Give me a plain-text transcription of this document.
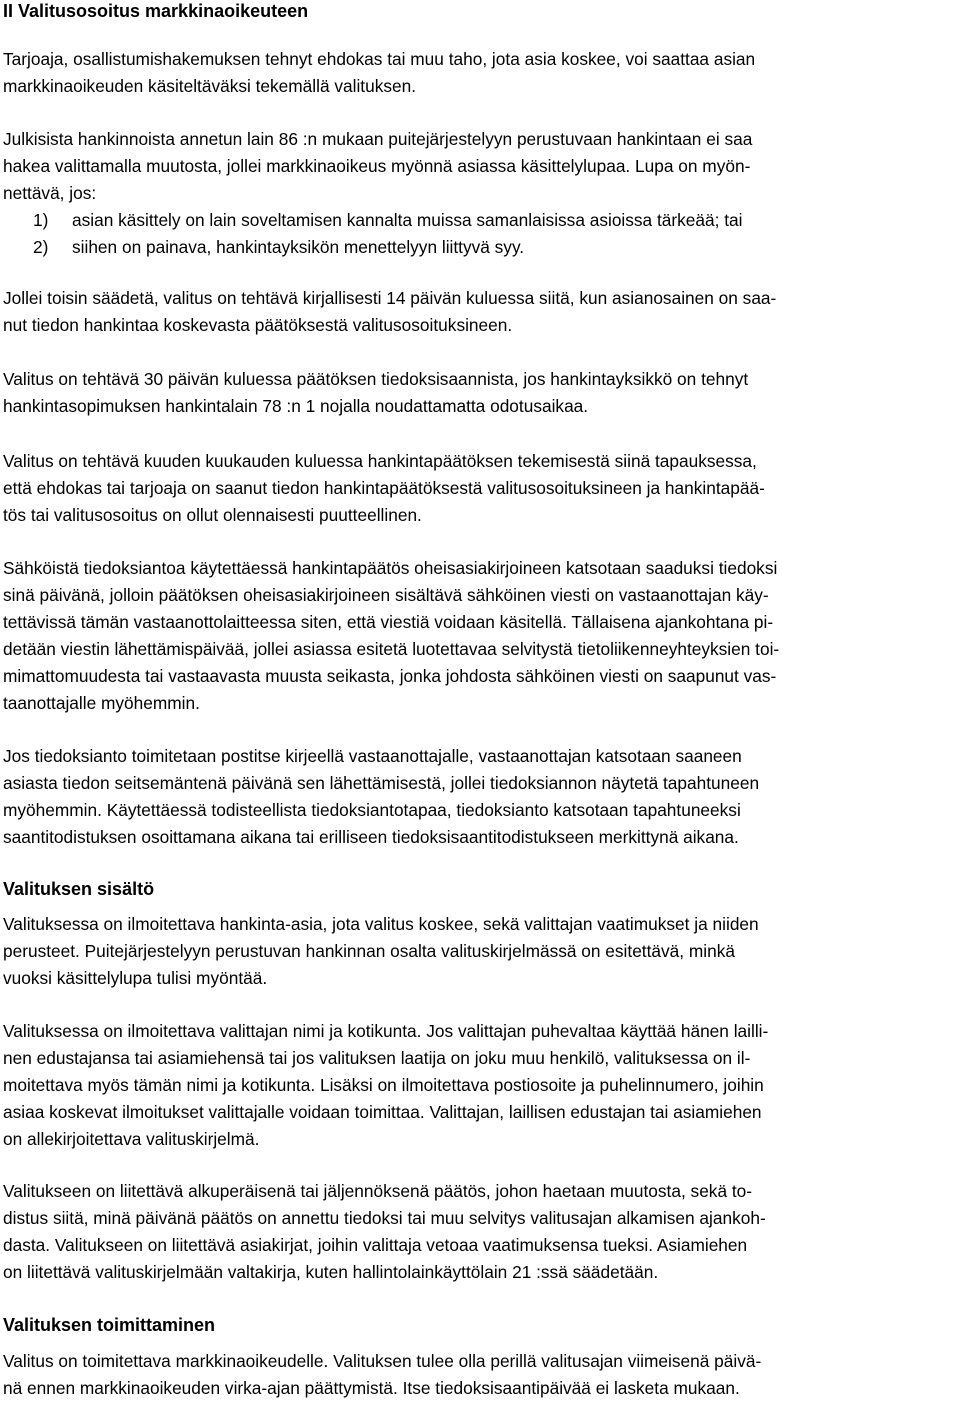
II Valitusosoitus markkinaoikeuteen
Tarjoaja, osallistumishakemuksen tehnyt ehdokas tai muu taho, jota asia koskee, voi saattaa asian
markkinaoikeuden käsiteltäväksi tekemällä valituksen.
Julkisista hankinnoista annetun lain 86 :n mukaan puitejärjestelyyn perustuvaan hankintaan ei saa
hakea valittamalla muutosta, jollei markkinaoikeus myönnä asiassa käsittelylupaa. Lupa on myön-
nettävä, jos:
1)	asian käsittely on lain soveltamisen kannalta muissa samanlaisissa asioissa tärkeää; tai
2)	siihen on painava, hankintayksikön menettelyyn liittyvä syy.
Jollei toisin säädetä, valitus on tehtävä kirjallisesti 14 päivän kuluessa siitä, kun asianosainen on saa-
nut tiedon hankintaa koskevasta päätöksestä valitusosoituksineen.
Valitus on tehtävä 30 päivän kuluessa päätöksen tiedoksisaannista, jos hankintayksikkö on tehnyt
hankintasopimuksen hankintalain 78 :n 1 nojalla noudattamatta odotusaikaa.
Valitus on tehtävä kuuden kuukauden kuluessa hankintapäätöksen tekemisestä siinä tapauksessa,
että ehdokas tai tarjoaja on saanut tiedon hankintapäätöksestä valitusosoituksineen ja hankintapää-
tös tai valitusosoitus on ollut olennaisesti puutteellinen.
Sähköistä tiedoksiantoa käytettäessä hankintapäätös oheisasiakirjoineen katsotaan saaduksi tiedoksi
sinä päivänä, jolloin päätöksen oheisasiakirjoineen sisältävä sähköinen viesti on vastaanottajan käy-
tettävissä tämän vastaanottolaitteessa siten, että viestiä voidaan käsitellä. Tällaisena ajankohtana pi-
detään viestin lähettämispäivää, jollei asiassa esitetä luotettavaa selvitystä tietoliikenneyhteyksien toi-
mimattomuudesta tai vastaavasta muusta seikasta, jonka johdosta sähköinen viesti on saapunut vas-
taanottajalle myöhemmin.
Jos tiedoksianto toimitetaan postitse kirjeellä vastaanottajalle, vastaanottajan katsotaan saaneen
asiasta tiedon seitsemäntenä päivänä sen lähettämisestä, jollei tiedoksiannon näytetä tapahtuneen
myöhemmin. Käytettäessä todisteellista tiedoksiantotapaa, tiedoksianto katsotaan tapahtuneeksi
saantitodistuksen osoittamana aikana tai erilliseen tiedoksisaantitodistukseen merkittynä aikana.
Valituksen sisältö
Valituksessa on ilmoitettava hankinta-asia, jota valitus koskee, sekä valittajan vaatimukset ja niiden
perusteet. Puitejärjestelyyn perustuvan hankinnan osalta valituskirjelmässä on esitettävä, minkä
vuoksi käsittelylupa tulisi myöntää.
Valituksessa on ilmoitettava valittajan nimi ja kotikunta. Jos valittajan puhevaltaa käyttää hänen lailli-
nen edustajansa tai asiamiehensä tai jos valituksen laatija on joku muu henkilö, valituksessa on il-
moitettava myös tämän nimi ja kotikunta. Lisäksi on ilmoitettava postiosoite ja puhelinnumero, joihin
asiaa koskevat ilmoitukset valittajalle voidaan toimittaa. Valittajan, laillisen edustajan tai asiamiehen
on allekirjoitettava valituskirjelmä.
Valitukseen on liitettävä alkuperäisenä tai jäljennöksenä päätös, johon haetaan muutosta, sekä to-
distus siitä, minä päivänä päätös on annettu tiedoksi tai muu selvitys valitusajan alkamisen ajankoh-
dasta. Valitukseen on liitettävä asiakirjat, joihin valittaja vetoaa vaatimuksensa tueksi. Asiamiehen
on liitettävä valituskirjelmään valtakirja, kuten hallintolainkäyttölain 21 :ssä säädetään.
Valituksen toimittaminen
Valitus on toimitettava markkinaoikeudelle. Valituksen tulee olla perillä valitusajan viimeisenä päivä-
nä ennen markkinaoikeuden virka-ajan päättymistä. Itse tiedoksisaantipäivää ei lasketa mukaan.
